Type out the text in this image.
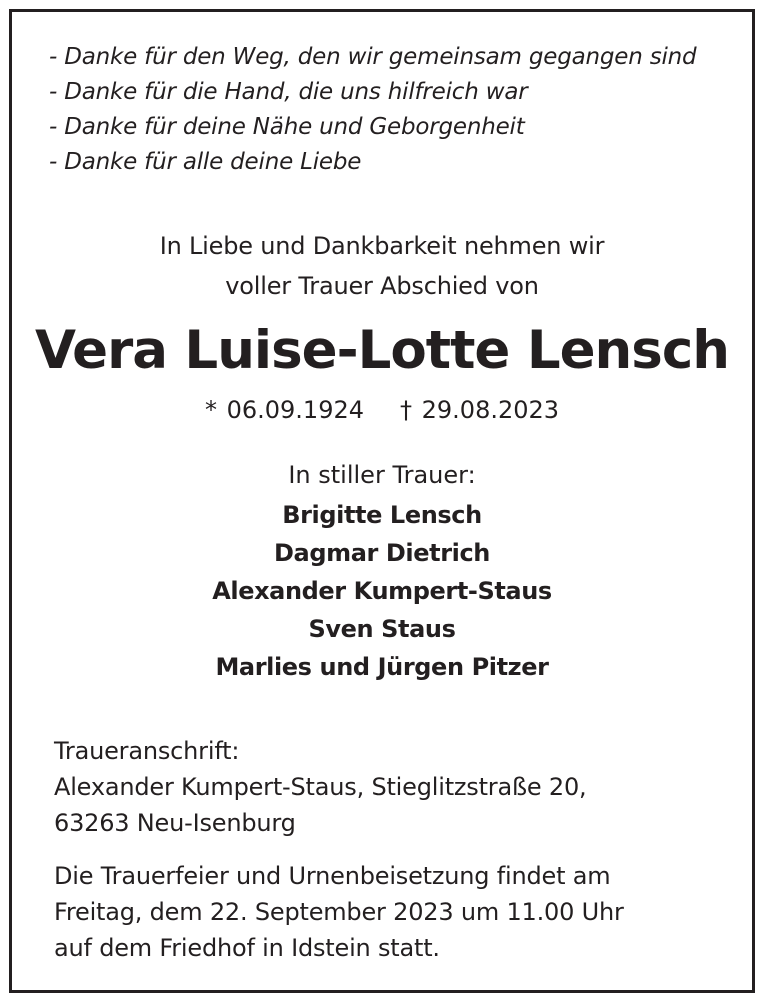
- Danke für den Weg, den wir gemeinsam gegangen sind
- Danke für die Hand, die uns hilfreich war
- Danke für deine Nähe und Geborgenheit
- Danke für alle deine Liebe
In Liebe und Dankbarkeit nehmen wir
voller Trauer Abschied von
Vera Luise-Lotte Lensch
* 06.09.1924 † 29.08.2023
In stiller Trauer:
Brigitte Lensch
Dagmar Dietrich
Alexander Kumpert-Staus
Sven Staus
Marlies und Jürgen Pitzer
Traueranschrift:
Alexander Kumpert-Staus, Stieglitzstraße 20,
63263 Neu-Isenburg
Die Trauerfeier und Urnenbeisetzung findet am
Freitag, dem 22. September 2023 um 11.00 Uhr
auf dem Friedhof in Idstein statt.
